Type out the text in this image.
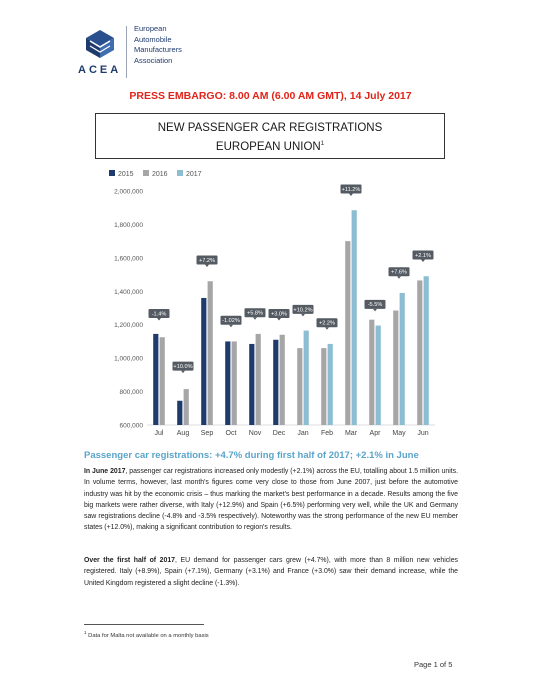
ACEA
European
Automobile
Manufacturers
Association
PRESS EMBARGO: 8.00 AM (6.00 AM GMT), 14 July 2017
NEW PASSENGER CAR REGISTRATIONS
EUROPEAN UNION$^1$
2015	2016	2017
2,000,000
1,800,000
1,600,000
1,400,000
1,200,000
1,000,000
800,000
600,000
Jul Aug Sep Oct Nov Dec Jan Feb Mar Apr May Jun
-1.4%
+10.0%
+7.2%
-1.02%
+5.8% +3.0%
+10.2%
+2.2%
+11.2%
-5.5%
+7.6%
+2.1%
Passenger car registrations: +4.7% during first half of 2017; +2.1% in June
In June 2017, passenger car registrations increased only modestly (+2.1%) across the EU, totalling about 1.5 million units. In volume terms, however, last month's figures come very close to those from June 2007, just before the automotive industry was hit by the economic crisis – thus marking the market's best performance in a decade. Results among the five big markets were rather diverse, with Italy (+12.9%) and Spain (+6.5%) performing very well, while the UK and Germany saw registrations decline (-4.8% and -3.5% respectively). Noteworthy was the strong performance of the new EU member states (+12.0%), making a significant contribution to region's results.
Over the first half of 2017, EU demand for passenger cars grew (+4.7%), with more than 8 million new vehicles registered. Italy (+8.9%), Spain (+7.1%), Germany (+3.1%) and France (+3.0%) saw their demand increase, while the United Kingdom registered a slight decline (-1.3%).
$^1$ Data for Malta not available on a monthly basis
Page 1 of 5
